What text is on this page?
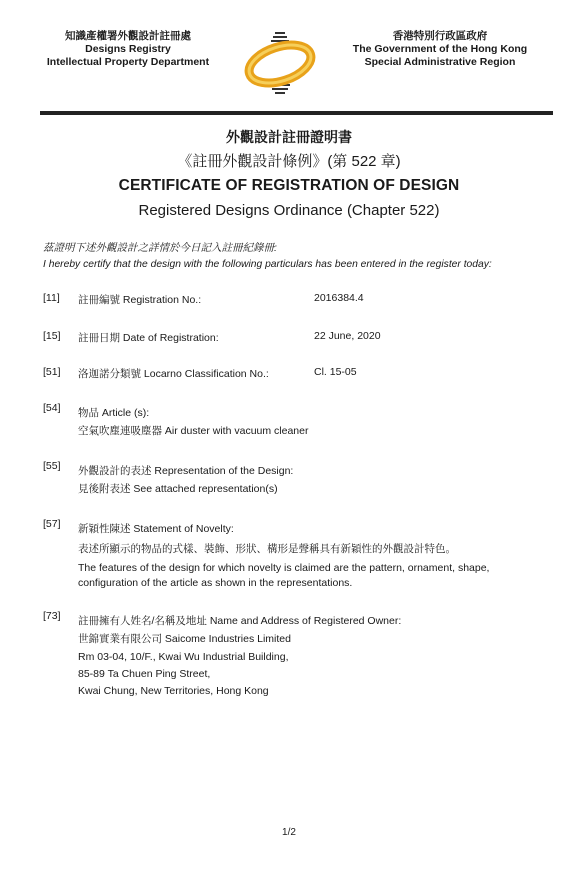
知識產權署外觀設計註冊處
Designs Registry
Intellectual Property Department
香港特別行政區政府
The Government of the Hong Kong
Special Administrative Region
外觀設計註冊證明書
《註冊外觀設計條例》(第 522 章)
CERTIFICATE OF REGISTRATION OF DESIGN
Registered Designs Ordinance (Chapter 522)
茲證明下述外觀設計之詳情於今日記入註冊紀錄冊:
I hereby certify that the design with the following particulars has been entered in the register today:
[11] 註冊編號 Registration No.:	2016384.4
[15] 註冊日期 Date of Registration:	22 June, 2020
[51] 洛迦諾分類號 Locarno Classification No.:	Cl. 15-05
[54] 物品 Article (s):
空氣吹塵連吸塵器 Air duster with vacuum cleaner
[55] 外觀設計的表述 Representation of the Design:
見後附表述 See attached representation(s)
[57] 新穎性陳述 Statement of Novelty:
表述所顯示的物品的式樣、裝飾、形狀、構形是聲稱具有新穎性的外觀設計特色。
The features of the design for which novelty is claimed are the pattern, ornament, shape,
configuration of the article as shown in the representations.
[73] 註冊擁有人姓名/名稱及地址 Name and Address of Registered Owner:
世錦實業有限公司 Saicome Industries Limited
Rm 03-04, 10/F., Kwai Wu Industrial Building,
85-89 Ta Chuen Ping Street,
Kwai Chung, New Territories, Hong Kong
1/2
